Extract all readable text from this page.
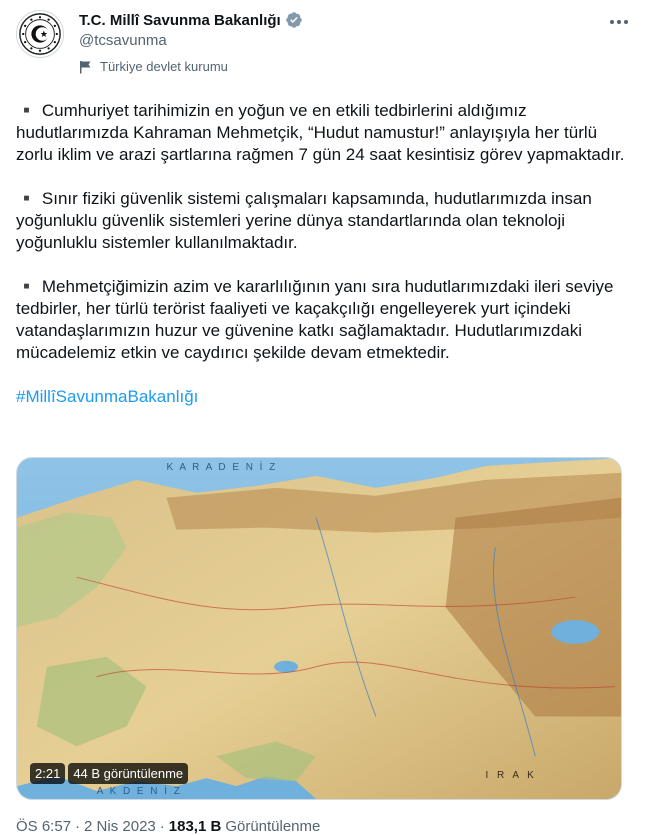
T.C. Millî Savunma Bakanlığı
@tcsavunma
Türkiye devlet kurumu

▪️ Cumhuriyet tarihimizin en yoğun ve en etkili tedbirlerini aldığımız hudutlarımızda Kahraman Mehmetçik, “Hudut namustur!” anlayışıyla her türlü zorlu iklim ve arazi şartlarına rağmen 7 gün 24 saat kesintisiz görev yapmaktadır.

▪️ Sınır fiziki güvenlik sistemi çalışmaları kapsamında, hudutlarımızda insan yoğunluklu güvenlik sistemleri yerine dünya standartlarında olan teknoloji yoğunluklu sistemler kullanılmaktadır.

▪️ Mehmetçiğimizin azim ve kararlılığının yanı sıra hudutlarımızdaki ileri seviye tedbirler, her türlü terörist faaliyeti ve kaçakçılığı engelleyerek yurt içindeki vatandaşlarımızın huzur ve güvenine katkı sağlamaktadır. Hudutlarımızdaki mücadelemiz etkin ve caydırıcı şekilde devam etmektedir.

#MillîSavunmaBakanlığı

K A R A D E N İ Z
A K D E N İ Z
I R A K
2:21	44 B görüntülenme
ÖS 6:57 · 2 Nis 2023 · 183,1 B Görüntülenme
